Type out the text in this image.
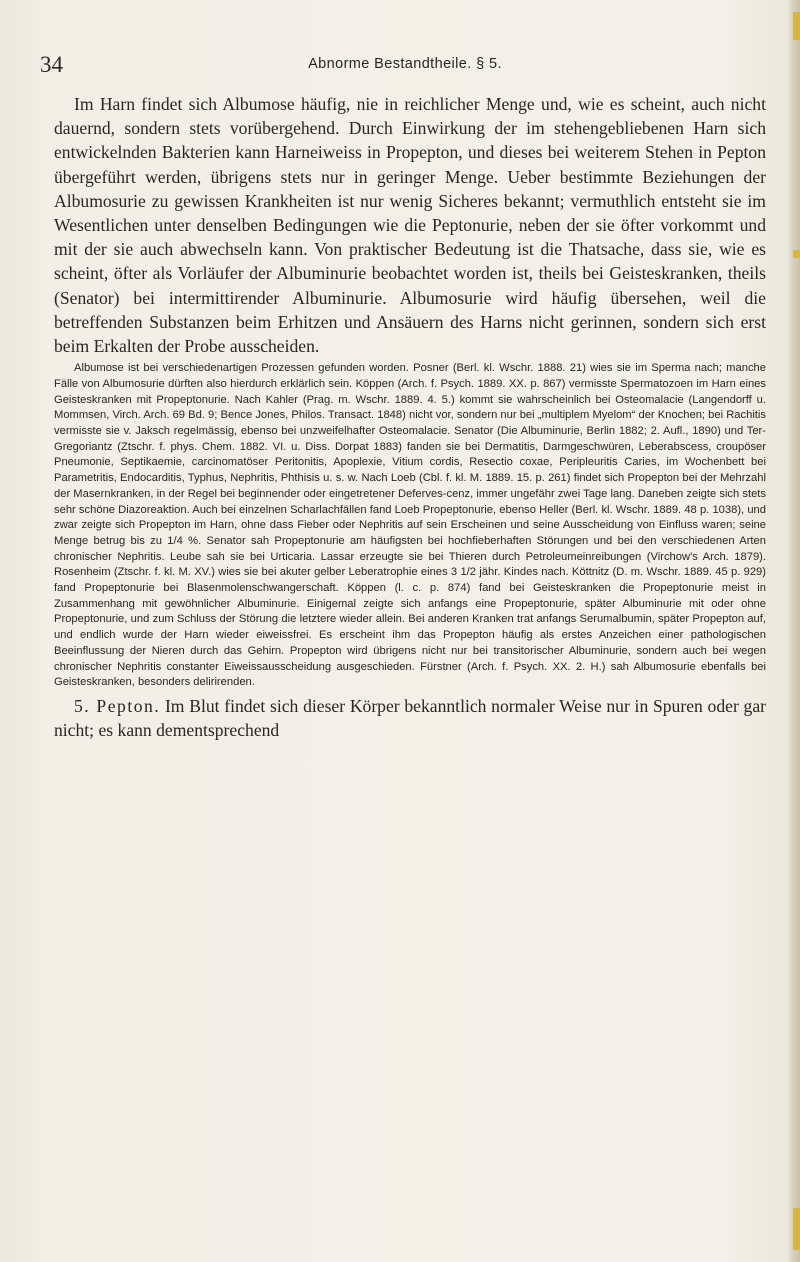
34	Abnorme Bestandtheile. § 5.

Im Harn findet sich Albumose häufig, nie in reichlicher Menge und, wie es scheint, auch nicht dauernd, sondern stets vorübergehend. Durch Einwirkung der im stehengebliebenen Harn sich entwickelnden Bakterien kann Harneiweiss in Propepton, und dieses bei weiterem Stehen in Pepton übergeführt werden, übrigens stets nur in geringer Menge. Ueber bestimmte Beziehungen der Albumosurie zu gewissen Krankheiten ist nur wenig Sicheres bekannt; vermuthlich entsteht sie im Wesentlichen unter denselben Bedingungen wie die Peptonurie, neben der sie öfter vorkommt und mit der sie auch abwechseln kann. Von praktischer Bedeutung ist die Thatsache, dass sie, wie es scheint, öfter als Vorläufer der Albuminurie beobachtet worden ist, theils bei Geisteskranken, theils (Senator) bei intermittirender Albuminurie. Albumosurie wird häufig übersehen, weil die betreffenden Substanzen beim Erhitzen und Ansäuern des Harns nicht gerinnen, sondern sich erst beim Erkalten der Probe ausscheiden.

Albumose ist bei verschiedenartigen Prozessen gefunden worden. Posner (Berl. kl. Wschr. 1888. 21) wies sie im Sperma nach; manche Fälle von Albumosurie dürften also hierdurch erklärlich sein. Köppen (Arch. f. Psych. 1889. XX. p. 867) vermisste Spermatozoen im Harn eines Geisteskranken mit Propeptonurie. Nach Kahler (Prag. m. Wschr. 1889. 4. 5.) kommt sie wahrscheinlich bei Osteomalacie (Langendorff u. Mommsen, Virch. Arch. 69 Bd. 9; Bence Jones, Philos. Transact. 1848) nicht vor, sondern nur bei „multiplem Myelom“ der Knochen; bei Rachitis vermisste sie v. Jaksch regelmässig, ebenso bei unzweifelhafter Osteomalacie. Senator (Die Albuminurie, Berlin 1882; 2. Aufl., 1890) und Ter-Gregoriantz (Ztschr. f. phys. Chem. 1882. VI. u. Diss. Dorpat 1883) fanden sie bei Dermatitis, Darmgeschwüren, Leberabscess, croupöser Pneumonie, Septikaemie, carcinomatöser Peritonitis, Apoplexie, Vitium cordis, Resectio coxae, Peripleuritis Caries, im Wochenbett bei Parametritis, Endocarditis, Typhus, Nephritis, Phthisis u. s. w. Nach Loeb (Cbl. f. kl. M. 1889. 15. p. 261) findet sich Propepton bei der Mehrzahl der Masernkranken, in der Regel bei beginnender oder eingetretener Deferves-cenz, immer ungefähr zwei Tage lang. Daneben zeigte sich stets sehr schöne Diazoreaktion. Auch bei einzelnen Scharlachfällen fand Loeb Propeptonurie, ebenso Heller (Berl. kl. Wschr. 1889. 48 p. 1038), und zwar zeigte sich Propepton im Harn, ohne dass Fieber oder Nephritis auf sein Erscheinen und seine Ausscheidung von Einfluss waren; seine Menge betrug bis zu 1/4 %. Senator sah Propeptonurie am häufigsten bei hochfieberhaften Störungen und bei den verschiedenen Arten chronischer Nephritis. Leube sah sie bei Urticaria. Lassar erzeugte sie bei Thieren durch Petroleumeinreibungen (Virchow's Arch. 1879). Rosenheim (Ztschr. f. kl. M. XV.) wies sie bei akuter gelber Leberatrophie eines 3 1/2 jähr. Kindes nach. Köttnitz (D. m. Wschr. 1889. 45 p. 929) fand Propeptonurie bei Blasenmolenschwangerschaft. Köppen (l. c. p. 874) fand bei Geisteskranken die Propeptonurie meist in Zusammenhang mit gewöhnlicher Albuminurie. Einigemal zeigte sich anfangs eine Propeptonurie, später Albuminurie mit oder ohne Propeptonurie, und zum Schluss der Störung die letztere wieder allein. Bei anderen Kranken trat anfangs Serumalbumin, später Propepton auf, und endlich wurde der Harn wieder eiweissfrei. Es erscheint ihm das Propepton häufig als erstes Anzeichen einer pathologischen Beeinflussung der Nieren durch das Gehirn. Propepton wird übrigens nicht nur bei transitorischer Albuminurie, sondern auch bei wegen chronischer Nephritis constanter Eiweissausscheidung ausgeschieden. Fürstner (Arch. f. Psych. XX. 2. H.) sah Albumosurie ebenfalls bei Geisteskranken, besonders delirirenden.

5. Pepton. Im Blut findet sich dieser Körper bekanntlich normaler Weise nur in Spuren oder gar nicht; es kann dementsprechend
